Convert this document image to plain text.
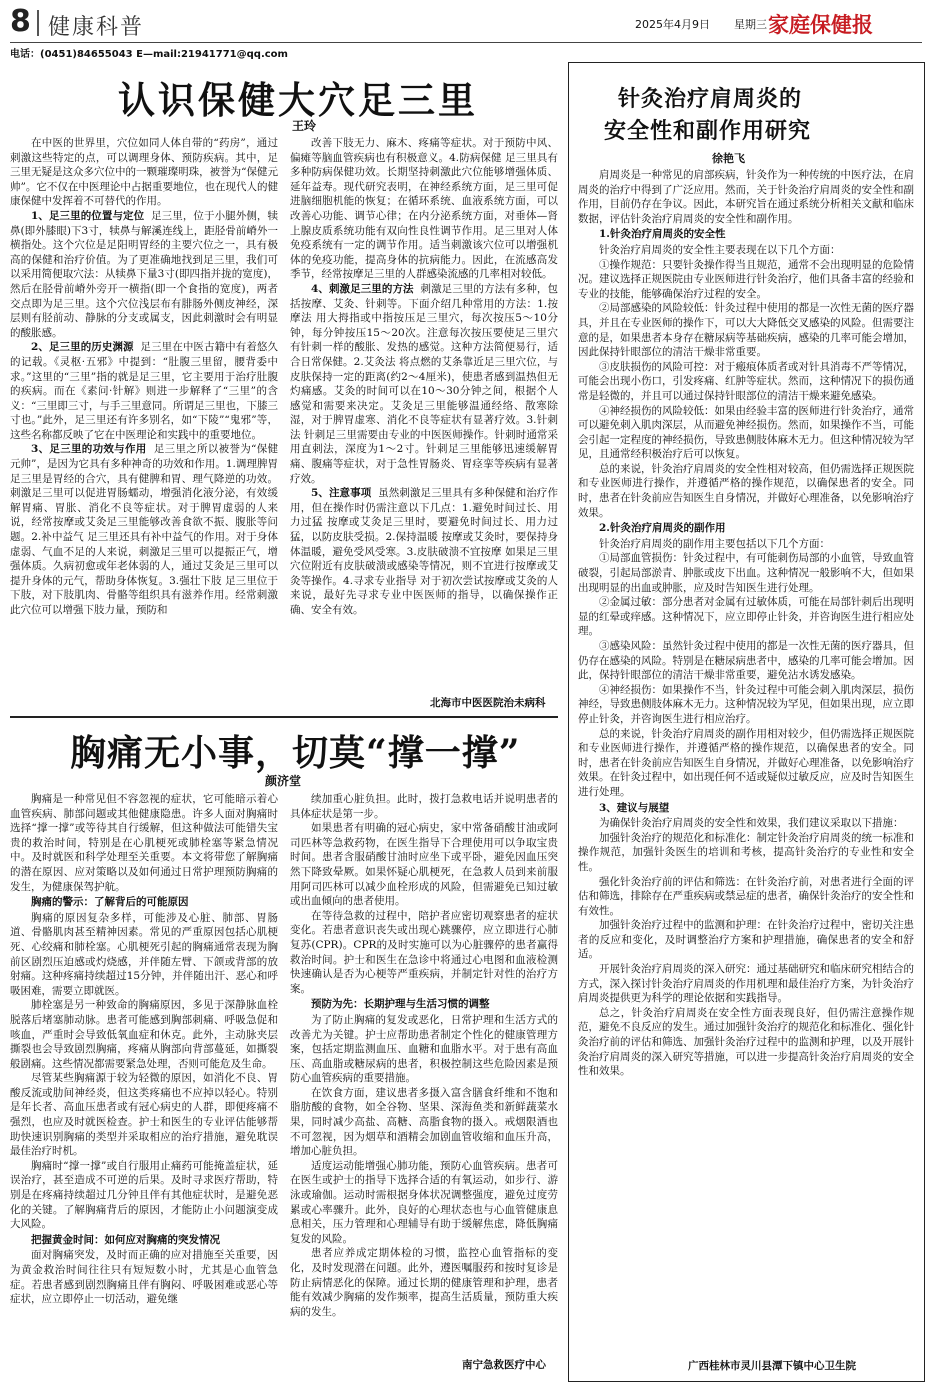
8 健康科普	2025年4月9日 星期三 家庭保健报
电话：(0451)84655043 E—mail:21941771@qq.com
认识保健大穴足三里
王玲

在中医的世界里，穴位如同人体自带的“药房”，通过刺激这些特定的点，可以调理身体、预防疾病。其中，足三里无疑是这众多穴位中的一颗璀璨明珠，被誉为“保健元帅”。它不仅在中医理论中占据重要地位，也在现代人的健康保健中发挥着不可替代的作用。

1、足三里的位置与定位 足三里，位于小腿外侧，犊鼻(即外膝眼)下3寸，犊鼻与解溪连线上，距胫骨前嵴外一横指处。这个穴位是足阳明胃经的主要穴位之一，具有极高的保健和治疗价值。为了更准确地找到足三里，我们可以采用简便取穴法：从犊鼻下量3寸(即四指并拢的宽度)，然后在胫骨前嵴外旁开一横指(即一个食指的宽度)，两者交点即为足三里。这个穴位浅层布有腓肠外侧皮神经，深层则有胫前动、静脉的分支或属支，因此刺激时会有明显的酸胀感。

2、足三里的历史渊源 足三里在中医古籍中有着悠久的记载。《灵枢·五邪》中提到：“肚腹三里留，腰背委中求。”这里的“三里”指的就是足三里，它主要用于治疗肚腹的疾病。而在《素问·针解》则进一步解释了“三里”的含义：“三里即三寸，与手三里意同。所谓足三里也，下膝三寸也。”此外，足三里还有许多别名，如“下陵”“鬼邪”等，这些名称都反映了它在中医理论和实践中的重要地位。

3、足三里的功效与作用 足三里之所以被誉为“保健元帅”，是因为它具有多种神奇的功效和作用。1.调理脾胃 足三里是胃经的合穴，具有健脾和胃、理气降逆的功效。刺激足三里可以促进胃肠蠕动，增强消化液分泌，有效缓解胃痛、胃胀、消化不良等症状。对于脾胃虚弱的人来说，经常按摩或艾灸足三里能够改善食欲不振、腹胀等问题。2.补中益气 足三里还具有补中益气的作用。对于身体虚弱、气血不足的人来说，刺激足三里可以提振正气，增强体质。久病初愈或年老体弱的人，通过艾灸足三里可以提升身体的元气，帮助身体恢复。3.强壮下肢 足三里位于下肢，对下肢肌肉、骨骼等组织具有滋养作用。经常刺激此穴位可以增强下肢力量，预防和

改善下肢无力、麻木、疼痛等症状。对于预防中风、偏瘫等脑血管疾病也有积极意义。4.防病保健 足三里具有多种防病保健功效。长期坚持刺激此穴位能够增强体质、延年益寿。现代研究表明，在神经系统方面，足三里可促进脑细胞机能的恢复；在循环系统、血液系统方面，可以改善心功能、调节心律；在内分泌系统方面，对垂体—肾上腺皮质系统功能有双向性良性调节作用。足三里对人体免疫系统有一定的调节作用。适当刺激该穴位可以增强机体的免疫功能，提高身体的抗病能力。因此，在流感高发季节，经常按摩足三里的人群感染流感的几率相对较低。

4、刺激足三里的方法 刺激足三里的方法有多种，包括按摩、艾灸、针刺等。下面介绍几种常用的方法：1.按摩法 用大拇指或中指按压足三里穴，每次按压5～10分钟，每分钟按压15～20次。注意每次按压要使足三里穴有针刺一样的酸胀、发热的感觉。这种方法简便易行，适合日常保健。2.艾灸法 将点燃的艾条靠近足三里穴位，与皮肤保持一定的距离(约2～4厘米)，使患者感到温热但无灼痛感。艾灸的时间可以在10～30分钟之间，根据个人感觉和需要来决定。艾灸足三里能够温通经络、散寒除湿，对于脾胃虚寒、消化不良等症状有显著疗效。3.针刺法 针刺足三里需要由专业的中医医师操作。针刺时通常采用直刺法，深度为1～2寸。针刺足三里能够迅速缓解胃痛、腹痛等症状，对于急性胃肠炎、胃痉挛等疾病有显著疗效。

5、注意事项 虽然刺激足三里具有多种保健和治疗作用，但在操作时仍需注意以下几点：1.避免时间过长、用力过猛 按摩或艾灸足三里时，要避免时间过长、用力过猛，以防皮肤受损。2.保持温暖 按摩或艾灸时，要保持身体温暖，避免受风受寒。3.皮肤破溃不宜按摩 如果足三里穴位附近有皮肤破溃或感染等情况，则不宜进行按摩或艾灸等操作。4.寻求专业指导 对于初次尝试按摩或艾灸的人来说，最好先寻求专业中医医师的指导，以确保操作正确、安全有效。

北海市中医医院治未病科
胸痛无小事，切莫“撑一撑”
颜济堂

胸痛是一种常见但不容忽视的症状，它可能暗示着心血管疾病、肺部问题或其他健康隐患。许多人面对胸痛时选择“撑一撑”或等待其自行缓解，但这种做法可能错失宝贵的救治时间，特别是在心肌梗死或肺栓塞等紧急情况中。及时就医和科学处理至关重要。本文将带您了解胸痛的潜在原因、应对策略以及如何通过日常护理预防胸痛的发生，为健康保驾护航。

胸痛的警示：了解背后的可能原因

胸痛的原因复杂多样，可能涉及心脏、肺部、胃肠道、骨骼肌肉甚至精神因素。常见的严重原因包括心肌梗死、心绞痛和肺栓塞。心肌梗死引起的胸痛通常表现为胸前区剧烈压迫感或灼烧感，并伴随左臂、下颌或背部的放射痛。这种疼痛持续超过15分钟，并伴随出汗、恶心和呼吸困难，需要立即就医。

肺栓塞是另一种致命的胸痛原因，多见于深静脉血栓脱落后堵塞肺动脉。患者可能感到胸部刺痛、呼吸急促和咳血，严重时会导致低氧血症和休克。此外，主动脉夹层撕裂也会导致剧烈胸痛，疼痛从胸部向背部蔓延，如撕裂般剧痛。这些情况都需要紧急处理，否则可能危及生命。

尽管某些胸痛源于较为轻微的原因，如消化不良、胃酸反流或肋间神经炎，但这类疼痛也不应掉以轻心。特别是年长者、高血压患者或有冠心病史的人群，即便疼痛不强烈，也应及时就医检查。护士和医生的专业评估能够帮助快速识别胸痛的类型并采取相应的治疗措施，避免耽误最佳治疗时机。

胸痛时“撑一撑”或自行服用止痛药可能掩盖症状，延误治疗，甚至造成不可逆的后果。及时寻求医疗帮助，特别是在疼痛持续超过几分钟且伴有其他症状时，是避免恶化的关键。了解胸痛背后的原因，才能防止小问题演变成大风险。

把握黄金时间：如何应对胸痛的突发情况

面对胸痛突发，及时而正确的应对措施至关重要，因为黄金救治时间往往只有短短数小时，尤其是心血管急症。若患者感到剧烈胸痛且伴有胸闷、呼吸困难或恶心等症状，应立即停止一切活动，避免继

续加重心脏负担。此时，拨打急救电话并说明患者的具体症状是第一步。

如果患者有明确的冠心病史，家中常备硝酸甘油或阿司匹林等急救药物，在医生指导下合理使用可以争取宝贵时间。患者含服硝酸甘油时应坐下或平卧，避免因血压突然下降致晕厥。如果怀疑心肌梗死，在急救人员到来前服用阿司匹林可以减少血栓形成的风险，但需避免已知过敏或出血倾向的患者使用。

在等待急救的过程中，陪护者应密切观察患者的症状变化。若患者意识丧失或出现心跳骤停，应立即进行心肺复苏(CPR)。CPR的及时实施可以为心脏骤停的患者赢得救治时间。护士和医生在急诊中将通过心电图和血液检测快速确认是否为心梗等严重疾病，并制定针对性的治疗方案。

预防为先：长期护理与生活习惯的调整

为了防止胸痛的复发或恶化，日常护理和生活方式的改善尤为关键。护士应帮助患者制定个性化的健康管理方案，包括定期监测血压、血糖和血脂水平。对于患有高血压、高血脂或糖尿病的患者，积极控制这些危险因素是预防心血管疾病的重要措施。

在饮食方面，建议患者多摄入富含膳食纤维和不饱和脂肪酸的食物，如全谷物、坚果、深海鱼类和新鲜蔬菜水果，同时减少高盐、高糖、高脂食物的摄入。戒烟限酒也不可忽视，因为烟草和酒精会加剧血管收缩和血压升高，增加心脏负担。

适度运动能增强心肺功能，预防心血管疾病。患者可在医生或护士的指导下选择合适的有氧运动，如步行、游泳或瑜伽。运动时需根据身体状况调整强度，避免过度劳累或心率骤升。此外，良好的心理状态也与心血管健康息息相关，压力管理和心理辅导有助于缓解焦虑，降低胸痛复发的风险。

患者应养成定期体检的习惯，监控心血管指标的变化，及时发现潜在问题。此外，遵医嘱服药和按时复诊是防止病情恶化的保障。通过长期的健康管理和护理，患者能有效减少胸痛的发作频率，提高生活质量，预防重大疾病的发生。

南宁急救医疗中心
针灸治疗肩周炎的
安全性和副作用研究
徐艳飞

肩周炎是一种常见的肩部疾病，针灸作为一种传统的中医疗法，在肩周炎的治疗中得到了广泛应用。然而，关于针灸治疗肩周炎的安全性和副作用，目前仍存在争议。因此，本研究旨在通过系统分析相关文献和临床数据，评估针灸治疗肩周炎的安全性和副作用。

1.针灸治疗肩周炎的安全性

针灸治疗肩周炎的安全性主要表现在以下几个方面：

①操作规范：只要针灸操作得当且规范，通常不会出现明显的危险情况。建议选择正规医院由专业医师进行针灸治疗，他们具备丰富的经验和专业的技能，能够确保治疗过程的安全。

②局部感染的风险较低：针灸过程中使用的都是一次性无菌的医疗器具，并且在专业医师的操作下，可以大大降低交叉感染的风险。但需要注意的是，如果患者本身存在糖尿病等基础疾病，感染的几率可能会增加，因此保持针眼部位的清洁干燥非常重要。

③皮肤损伤的风险可控：对于瘢痕体质者或对针具消毒不严等情况，可能会出现小伤口，引发疼痛、红肿等症状。然而，这种情况下的损伤通常是轻微的，并且可以通过保持针眼部位的清洁干燥来避免感染。

④神经损伤的风险较低：如果由经验丰富的医师进行针灸治疗，通常可以避免刺入肌肉深层，从而避免神经损伤。然而，如果操作不当，可能会引起一定程度的神经损伤，导致患侧肢体麻木无力。但这种情况较为罕见，且通常经积极治疗后可以恢复。

总的来说，针灸治疗肩周炎的安全性相对较高，但仍需选择正规医院和专业医师进行操作，并遵循严格的操作规范，以确保患者的安全。同时，患者在针灸前应告知医生自身情况，并做好心理准备，以免影响治疗效果。

2.针灸治疗肩周炎的副作用

针灸治疗肩周炎的副作用主要包括以下几个方面：

①局部血管损伤：针灸过程中，有可能刺伤局部的小血管，导致血管破裂，引起局部淤青、肿胀或皮下出血。这种情况一般影响不大，但如果出现明显的出血或肿胀，应及时告知医生进行处理。

②金属过敏：部分患者对金属有过敏体质，可能在局部针刺后出现明显的红晕或痒感。这种情况下，应立即停止针灸，并咨询医生进行相应处理。

③感染风险：虽然针灸过程中使用的都是一次性无菌的医疗器具，但仍存在感染的风险。特别是在糖尿病患者中，感染的几率可能会增加。因此，保持针眼部位的清洁干燥非常重要，避免沾水诱发感染。

④神经损伤：如果操作不当，针灸过程中可能会刺入肌肉深层，损伤神经，导致患侧肢体麻木无力。这种情况较为罕见，但如果出现，应立即停止针灸，并咨询医生进行相应治疗。

总的来说，针灸治疗肩周炎的副作用相对较少，但仍需选择正规医院和专业医师进行操作，并遵循严格的操作规范，以确保患者的安全。同时，患者在针灸前应告知医生自身情况，并做好心理准备，以免影响治疗效果。在针灸过程中，如出现任何不适或疑似过敏反应，应及时告知医生进行处理。

3、建议与展望

为确保针灸治疗肩周炎的安全性和效果，我们建议采取以下措施：

加强针灸治疗的规范化和标准化：制定针灸治疗肩周炎的统一标准和操作规范，加强针灸医生的培训和考核，提高针灸治疗的专业性和安全性。

强化针灸治疗前的评估和筛选：在针灸治疗前，对患者进行全面的评估和筛选，排除存在严重疾病或禁忌症的患者，确保针灸治疗的安全性和有效性。

加强针灸治疗过程中的监测和护理：在针灸治疗过程中，密切关注患者的反应和变化，及时调整治疗方案和护理措施，确保患者的安全和舒适。

开展针灸治疗肩周炎的深入研究：通过基础研究和临床研究相结合的方式，深入探讨针灸治疗肩周炎的作用机理和最佳治疗方案，为针灸治疗肩周炎提供更为科学的理论依据和实践指导。

总之，针灸治疗肩周炎在安全性方面表现良好，但仍需注意操作规范，避免不良反应的发生。通过加强针灸治疗的规范化和标准化、强化针灸治疗前的评估和筛选、加强针灸治疗过程中的监测和护理，以及开展针灸治疗肩周炎的深入研究等措施，可以进一步提高针灸治疗肩周炎的安全性和效果。

广西桂林市灵川县潭下镇中心卫生院
